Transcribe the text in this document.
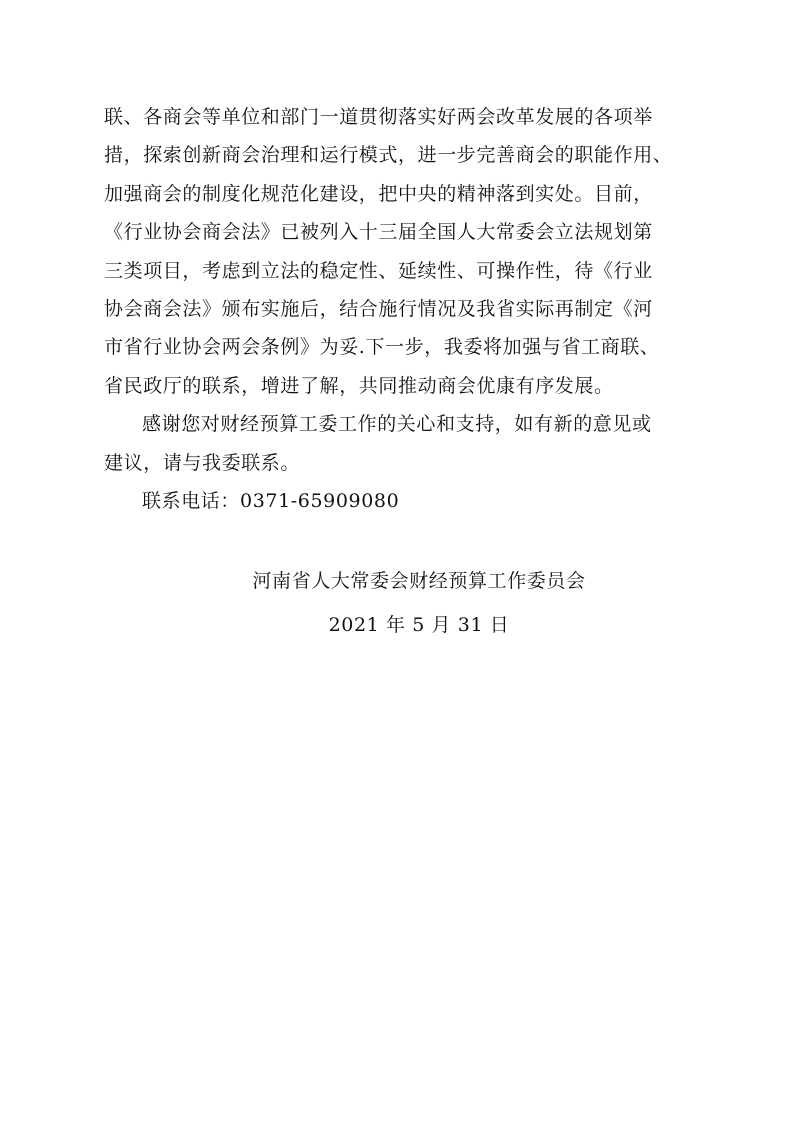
联、各商会等单位和部门一道贯彻落实好两会改革发展的各项举
措，探索创新商会治理和运行模式，进一步完善商会的职能作用、
加强商会的制度化规范化建设，把中央的精神落到实处。目前，
《行业协会商会法》已被列入十三届全国人大常委会立法规划第
三类项目，考虑到立法的稳定性、延续性、可操作性，待《行业
协会商会法》颁布实施后，结合施行情况及我省实际再制定《河
市省行业协会两会条例》为妥.下一步，我委将加强与省工商联、
省民政厅的联系，增进了解，共同推动商会优康有序发展。

感谢您对财经预算工委工作的关心和支持，如有新的意见或
建议，请与我委联系。

联系电话：0371-65909080

河南省人大常委会财经预算工作委员会
2021 年 5 月 31 日
